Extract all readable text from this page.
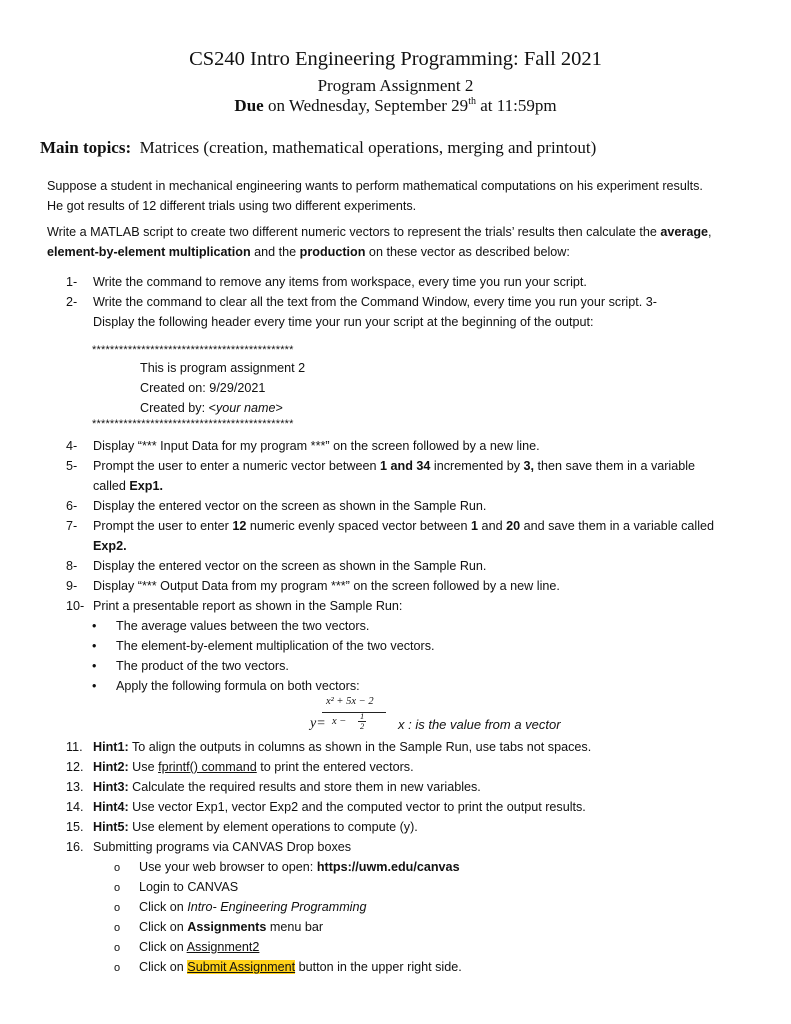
CS240 Intro Engineering Programming: Fall 2021
Program Assignment 2
Due on Wednesday, September 29th at 11:59pm
Main topics: Matrices (creation, mathematical operations, merging and printout)
Suppose a student in mechanical engineering wants to perform mathematical computations on his experiment results.
He got results of 12 different trials using two different experiments.
Write a MATLAB script to create two different numeric vectors to represent the trials’ results then calculate the average, element-by-element multiplication and the production on these vector as described below:
1- Write the command to remove any items from workspace, every time you run your script.
2- Write the command to clear all the text from the Command Window, every time you run your script. 3-
Display the following header every time your run your script at the beginning of the output:
*********************************************
This is program assignment 2
Created on: 9/29/2021
Created by: <your name>
*********************************************
4- Display “*** Input Data for my program ***” on the screen followed by a new line.
5- Prompt the user to enter a numeric vector between 1 and 34 incremented by 3, then save them in a variable
called Exp1.
6- Display the entered vector on the screen as shown in the Sample Run.
7- Prompt the user to enter 12 numeric evenly spaced vector between 1 and 20 and save them in a variable called
Exp2.
8- Display the entered vector on the screen as shown in the Sample Run.
9- Display “*** Output Data from my program ***” on the screen followed by a new line.
10- Print a presentable report as shown in the Sample Run:
• The average values between the two vectors.
• The element-by-element multiplication of the two vectors.
• The product of the two vectors.
• Apply the following formula on both vectors:
y=
x² + 5x − 2
x − 1
2	x : is the value from a vector
11. Hint1: To align the outputs in columns as shown in the Sample Run, use tabs not spaces.
12. Hint2: Use fprintf() command to print the entered vectors.
13. Hint3: Calculate the required results and store them in new variables.
14. Hint4: Use vector Exp1, vector Exp2 and the computed vector to print the output results.
15. Hint5: Use element by element operations to compute (y).
16. Submitting programs via CANVAS Drop boxes
o Use your web browser to open: https://uwm.edu/canvas
o Login to CANVAS
o Click on Intro- Engineering Programming
o Click on Assignments menu bar
o Click on Assignment2
o Click on Submit Assignment button in the upper right side.
